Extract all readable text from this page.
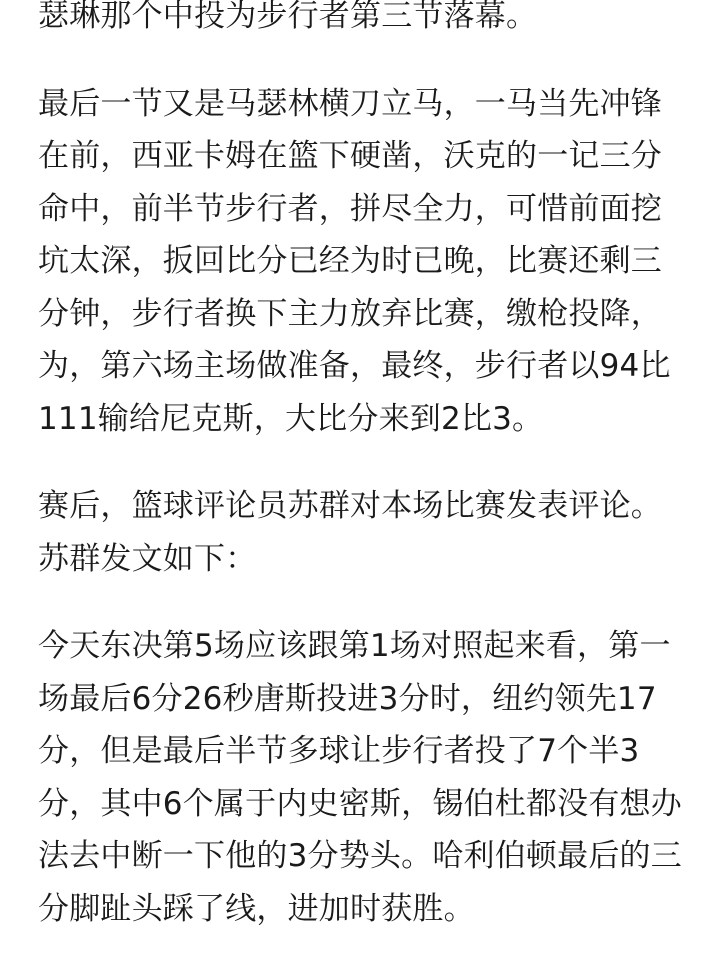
瑟琳那个中投为步行者第三节落幕。

最后一节又是马瑟林横刀立马，一马当先冲锋
在前，西亚卡姆在篮下硬凿，沃克的一记三分
命中，前半节步行者，拼尽全力，可惜前面挖
坑太深，扳回比分已经为时已晚，比赛还剩三
分钟，步行者换下主力放弃比赛，缴枪投降，
为，第六场主场做准备，最终，步行者以94比
111输给尼克斯，大比分来到2比3。

赛后，篮球评论员苏群对本场比赛发表评论。
苏群发文如下：

今天东决第5场应该跟第1场对照起来看，第一
场最后6分26秒唐斯投进3分时，纽约领先17
分，但是最后半节多球让步行者投了7个半3
分，其中6个属于内史密斯，锡伯杜都没有想办
法去中断一下他的3分势头。哈利伯顿最后的三
分脚趾头踩了线，进加时获胜。
